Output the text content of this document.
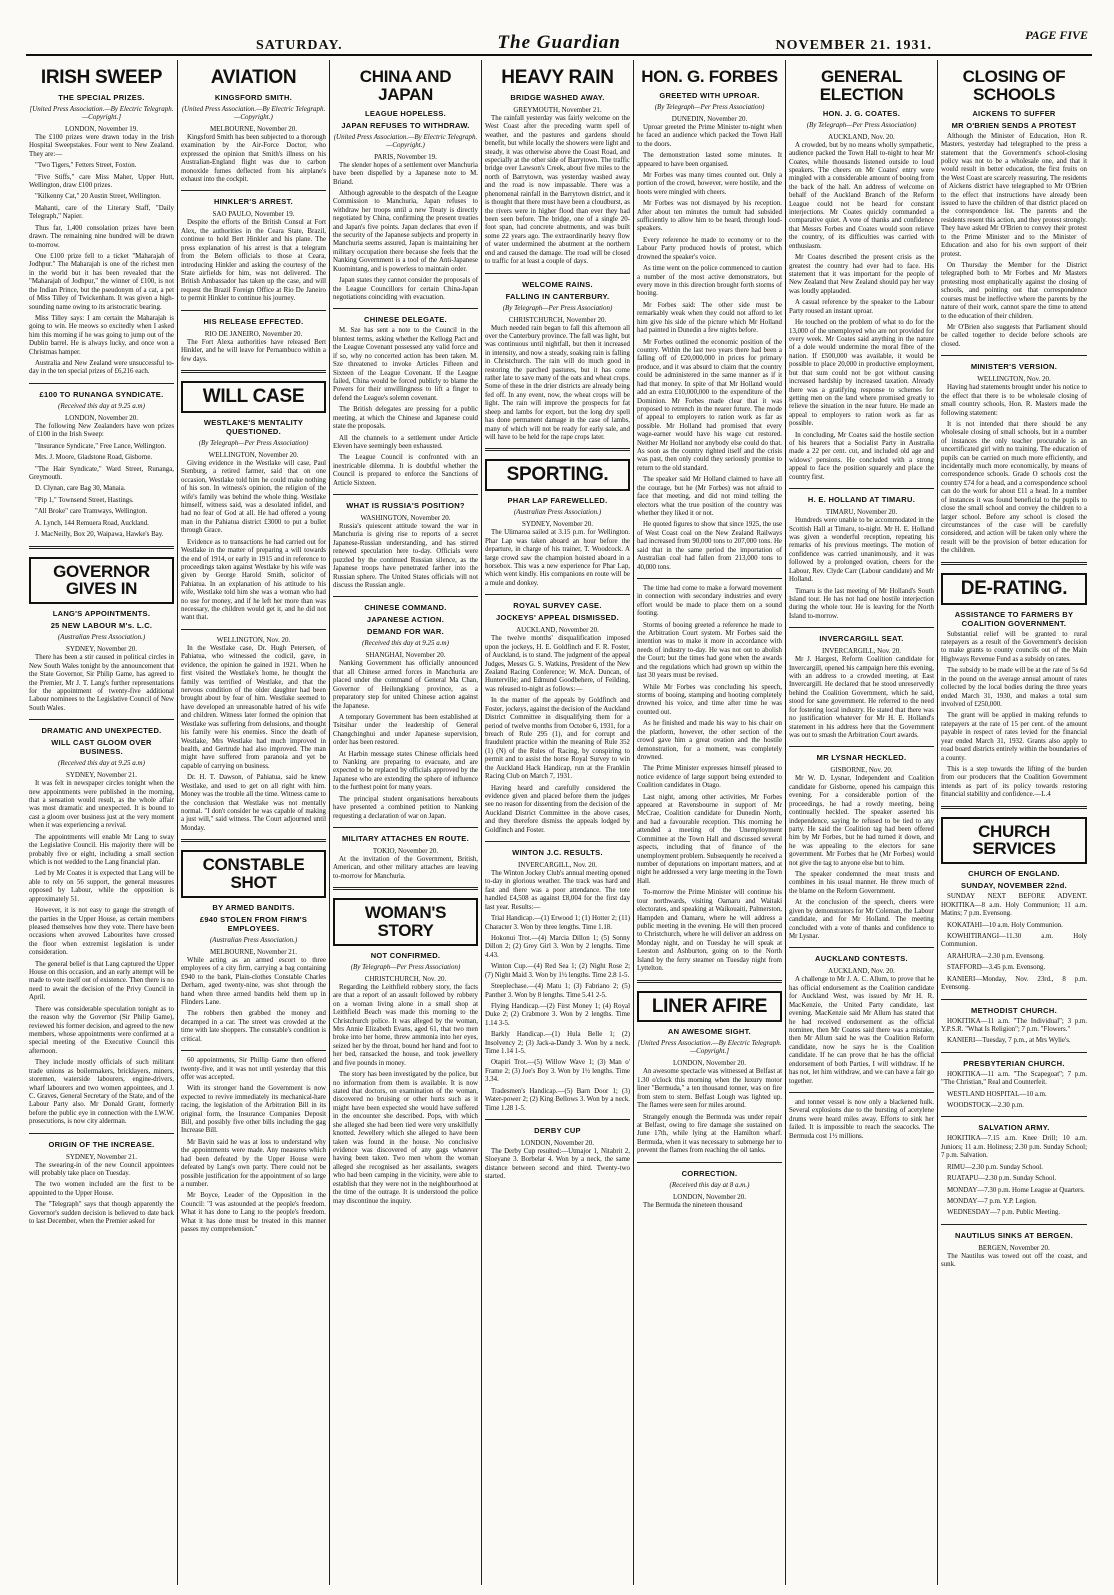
SATURDAY.	The Guardian	NOVEMBER 21. 1931.
PAGE FIVE
IRISH SWEEP
THE SPECIAL PRIZES.
[United Press Association.—By Electric Telegraph.—Copyright.]
LONDON, November 19.

The £100 prizes were drawn today in the Irish Hospital Sweepstakes. Four went to New Zealand. They are:—

"Two Tigers," Fetters Street, Foxton.

"Five Stiffs," care Miss Maher, Upper Hutt, Wellington, draw £100 prizes.

"Kilkenny Cat," 20 Austin Street, Wellington.

Mahanti, care of the Literary Staff, "Daily Telegraph," Napier.

Thus far, 1,400 consolation prizes have been drawn. The remaining nine hundred will be drawn to-morrow.

One £100 prize fell to a ticket "Maharajah of Jodhpur." The Maharajah is one of the richest men in the world but it has been revealed that the "Maharajah of Jodhpur," the winner of £100, is not the Indian Prince, but the pseudonym of a cat, a pet of Miss Tilley of Twickenham. It was given a high-sounding name owing to its aristocratic bearing.

Miss Tilley says: I am certain the Maharajah is going to win. He meows so excitedly when I asked him this morning if he was going to jump out of the Dublin barrel. He is always lucky, and once won a Christmas hamper.

Australia and New Zealand were unsuccessful to-day in the ten special prizes of £6,216 each.

£100 TO RUNANGA SYNDICATE.
(Received this day at 9.25 a.m)
LONDON, November 20.

The following New Zealanders have won prizes of £100 in the Irish Sweep:

"Insurance Syndicate," Free Lance, Wellington.

Mrs. J. Moore, Gladstone Road, Gisborne.

"The Hair Syndicate," Ward Street, Runanga, Greymouth.

D. Clynan, care Bag 30, Manaia.

"Pip 1," Townsend Street, Hastings.

"All Broke" care Tramways, Wellington.

A. Lynch, 144 Remuera Road, Auckland.

J. MacNeilly, Box 20, Waipawa, Hawke's Bay.

GOVERNOR GIVES IN
LANG'S APPOINTMENTS.
25 NEW LABOUR M's. L.C.
(Australian Press Association.)
SYDNEY, November 20.

There has been a stir caused in political circles in New South Wales tonight by the announcement that the State Governor, Sir Philip Game, has agreed to the Premier, Mr J. T. Lang's further representations for the appointment of twenty-five additional Labour nominees to the Legislative Council of New South Wales.

DRAMATIC AND UNEXPECTED.
WILL CAST GLOOM OVER BUSINESS.
(Received this day at 9.25 a.m)
SYDNEY, November 21.

It was felt in newspaper circles tonight when the new appointments were published in the morning, that a sensation would result, as the whole affair was most dramatic and unexpected. It is bound to cast a gloom over business just at the very moment when it was experiencing a revival.

The appointments will enable Mr Lang to sway the Legislative Council. His majority there will be probably five or eight, including a small section which is not wedded to the Lang financial plan.

Led by Mr Coates it is expected that Lang will be able to rely on 56 support, the general measures opposed by Labour, while the opposition is approximately 51.

However, it is not easy to gauge the strength of the parties in the Upper House, as certain members pleased themselves how they vote. There have been occasions when avowed Labourites have crossed the floor when extremist legislation is under consideration.

The general belief is that Lang captured the Upper House on this occasion, and an early attempt will be made to vote itself out of existence. Then there is no need to await the decision of the Privy Council in April.

There was considerable speculation tonight as to the reason why the Governor (Sir Philip Game), reviewed his former decision, and agreed to the new members, whose appointments were confirmed at a special meeting of the Executive Council this afternoon.

They include mostly officials of such militant trade unions as boilermakers, bricklayers, miners, storemen, waterside labourers, engine-drivers, wharf labourers and two women appointees, and J. C. Graves, General Secretary of the State, and of the Labour Party also. Mr Donald Grant, formerly before the public eye in connection with the I.W.W. prosecutions, is now city alderman.

ORIGIN OF THE INCREASE.
SYDNEY, November 21.

The swearing-in of the new Council appointees will probably take place on Tuesday.

The two women included are the first to be appointed to the Upper House.

The "Telegraph" says that though apparently the Governor's sudden decision is believed to date back to last December, when the Premier asked for

AVIATION
KINGSFORD SMITH.
(United Press Association.—By Electric Telegraph.—Copyright.)
MELBOURNE, November 20.

Kingsford Smith has been subjected to a thorough examination by the Air-Force Doctor, who expressed the opinion that Smith's illness on his Australian-England flight was due to carbon monoxide fumes deflected from his airplane's exhaust into the cockpit.

HINKLER'S ARREST.
SAO PAULO, November 19.

Despite the efforts of the British Consul at Fort Alex, the authorities in the Ceara State, Brazil, continue to hold Bert Hinkler and his plane. The press explanation of his arrest is that a telegram from the Belem officials to those at Ceara, introducing Hinkler and asking the courtesy of the State airfields for him, was not delivered. The British Ambassador has taken up the case, and will request the Brazil Foreign Office at Rio De Janeiro to permit Hinkler to continue his journey.

HIS RELEASE EFFECTED.
RIO DE JANEIRO, November 20.

The Fort Alexa authorities have released Bert Hinkler, and he will leave for Pernambuco within a few days.

WILL CASE
WESTLAKE'S MENTALITY QUESTIONED.
(By Telegraph—Per Press Association)
WELLINGTON, November 20.

Giving evidence in the Westlake will case, Paul Stenburg, a retired farmer, said that on one occasion, Westlake told him he could make nothing of his son. In witness's opinion, the religion of the wife's family was behind the whole thing. Westlake himself, witness said, was a desolated infidel, and had no fear of God at all. He had offered a young man in the Pahiatua district £3000 to put a bullet through Grace.

Evidence as to transactions he had carried out for Westlake in the matter of preparing a will towards the end of 1914, or early in 1915 and in reference to proceedings taken against Westlake by his wife was given by George Harold Smith, solicitor of Pahiatua. In an explanation of his attitude to his wife, Westlake told him she was a woman who had no use for money, and if he left her more than was necessary, the children would get it, and he did not want that.

WELLINGTON, Nov. 20.

In the Westlake case, Dr. Hugh Petersen, of Pahiatua, who witnessed the codicil, gave, in evidence, the opinion he gained in 1921. When he first visited the Westlake's home, he thought the family was terrified of Westlake, and that the nervous condition of the older daughter had been brought about by fear of him. Westlake seemed to have developed an unreasonable hatred of his wife and children. Witness later formed the opinion that Westlake was suffering from delusions, and thought his family were his enemies. Since the death of Westlake, Mrs Westlake had much improved in health, and Gertrude had also improved. The man might have suffered from paranoia and yet be capable of carrying on business.

Dr. H. T. Dawson, of Pahiatua, said he knew Westlake, and used to get on all right with him. Money was the trouble all the time. Witness came to the conclusion that Westlake was not mentally normal. "I don't consider he was capable of making a just will," said witness. The Court adjourned until Monday.

CONSTABLE SHOT
BY ARMED BANDITS.
£940 STOLEN FROM FIRM'S EMPLOYEES.
(Australian Press Association.)
MELBOURNE, November 21.

While acting as an armed escort to three employees of a city firm, carrying a bag containing £940 to the bank, Plain-clothes Constable Charles Derham, aged twenty-nine, was shot through the hand when three armed bandits held them up in Flinders Lane.

The robbers then grabbed the money and decamped in a car. The street was crowded at the time with late shoppers. The constable's condition is critical.

60 appointments, Sir Phillip Game then offered twenty-five, and it was not until yesterday that this offer was accepted.

With its stronger hand the Government is now expected to revive immediately its mechanical-hare racing, the legislation of the Arbitration Bill in its original form, the Insurance Companies Deposit Bill, and possibly five other bills including the gag Increase Bill.

Mr Bavin said he was at loss to understand why the appointments were made. Any measures which had been defeated by the Upper House were defeated by Lang's own party. There could not be possible justification for the appointment of so large a number.

Mr Boyce, Leader of the Opposition in the Council: "I was astounded at the people's freedom. What it has done to Lang to the people's freedom. What it has done must be treated in this manner passes my comprehension."

CHINA AND JAPAN
LEAGUE HOPELESS.
JAPAN REFUSES TO WITHDRAW.
(United Press Association.—By Electric Telegraph.—Copyright.)
PARIS, November 19.

The slender hopes of a settlement over Manchuria have been dispelled by a Japanese note to M. Briand.

Although agreeable to the despatch of the League Commission to Manchuria, Japan refuses to withdraw her troops until a new Treaty is directly negotiated by China, confirming the present treaties and Japan's five points. Japan declares that even if the security of the Japanese subjects and property in Manchuria seems assured, Japan is maintaining her military occupation there because she feels that the Nanking Government is a tool of the Anti-Japanese Kuomintang, and is powerless to maintain order.

Japan states they cannot consider the proposals of the League Councillors for certain China-Japan negotiations coinciding with evacuation.

CHINESE DELEGATE.

M. Sze has sent a note to the Council in the bluntest terms, asking whether the Kellogg Pact and the League Covenant possessed any valid force and if so, why no concerted action has been taken. M. Sze threatened to invoke Articles Fifteen and Sixteen of the League Covenant. If the League failed, China would be forced publicly to blame the Powers for their unwillingness to lift a finger to defend the League's solemn covenant.

The British delegates are pressing for a public meeting, at which the Chinese and Japanese could state the proposals.

All the channels to a settlement under Article Eleven have seemingly been exhausted.

The League Council is confronted with an inextricable dilemma. It is doubtful whether the Council is prepared to enforce the Sanctions of Article Sixteen.

WHAT IS RUSSIA'S POSITION?
WASHINGTON, November 20.

Russia's quiescent attitude toward the war in Manchuria is giving rise to reports of a secret Japanese-Russian understanding, and has stirred renewed speculation here to-day. Officials were puzzled by the continued Russian silence, as the Japanese troops have penetrated farther into the Russian sphere. The United States officials will not discuss the Russian angle.

CHINESE COMMAND.
JAPANESE ACTION.
DEMAND FOR WAR.
(Received this day at 9.25 a.m)
SHANGHAI, November 20.

Nanking Government has officially announced that all Chinese armed forces in Manchuria are placed under the command of General Ma Chan, Governor of Heilungkiang province, as a preparatory step for united Chinese action against the Japanese.

A temporary Government has been established at Tsitsihar under the leadership of General Changchinghui and under Japanese supervision, order has been restored.

At Harbin message states Chinese officials heed to Nanking are preparing to evacuate, and are expected to be replaced by officials approved by the Japanese who are extending the sphere of influence to the furthest point for many years.

The principal student organisations hereabouts have presented a combined petition to Nanking requesting a declaration of war on Japan.

MILITARY ATTACHES EN ROUTE.
TOKIO, November 20.

At the invitation of the Government, British, American, and other military attaches are leaving to-morrow for Manchuria.

WOMAN'S STORY
NOT CONFIRMED.
(By Telegraph—Per Press Association)
CHRISTCHURCH, Nov. 20.

Regarding the Leithfield robbery story, the facts are that a report of an assault followed by robbery on a woman living alone in a small shop at Leithfield Beach was made this morning to the Christchurch police. It was alleged by the woman, Mrs Annie Elizabeth Evans, aged 61, that two men broke into her home, threw ammonia into her eyes, seized her by the throat, bound her hand and foot to her bed, ransacked the house, and took jewellery and five pounds in money.

The story has been investigated by the police, but no information from them is available. It is now stated that doctors, on examination of the woman, discovered no bruising or other hurts such as it might have been expected she would have suffered in the encounter she described. Pops, with which she alleged she had been tied were very unskilfully knotted. Jewellery which she alleged to have been taken was found in the house. No conclusive evidence was discovered of any gags whatever having been taken. Two men whom the woman alleged she recognised as her assailants, swagers who had been camping in the vicinity, were able to establish that they were not in the neighbourhood at the time of the outrage. It is understood the police may discontinue the inquiry.

HEAVY RAIN
BRIDGE WASHED AWAY.
GREYMOUTH, November 21.

The rainfall yesterday was fairly welcome on the West Coast after the preceding warm spell of weather, and the pastures and gardens should benefit, but while locally the showers were light and steady, it was otherwise above the Coast Road, and especially at the other side of Barrytown. The traffic bridge over Lawson's Creek, about five miles to the north of Barrytown, was yesterday washed away and the road is now impassable. There was a phenomenal rainfall in the Barrytown district, and it is thought that there must have been a cloudburst, as the rivers were in higher flood than ever they had been seen before. The bridge, one of a single 20-foot span, had concrete abutments, and was built some 22 years ago. The extraordinarily heavy flow of water undermined the abutment at the northern end and caused the damage. The road will be closed to traffic for at least a couple of days.

WELCOME RAINS.
FALLING IN CANTERBURY.
(By Telegraph—Per Press Association)
CHRISTCHURCH, November 20.

Much needed rain began to fall this afternoon all over the Canterbury province. The fall was light, but was continuous until nightfall, but then it increased in intensity, and now a steady, soaking rain is falling in Christchurch. The rain will do much good in restoring the parched pastures, but it has come rather late to save many of the oats and wheat crops. Some of these in the drier districts are already being fed off. In any event, now, the wheat crops will be light. The rain will improve the prospects for fat sheep and lambs for export, but the long dry spell has done permanent damage in the case of lambs, many of which will not be ready for early sale, and will have to be held for the rape crops later.

SPORTING.
PHAR LAP FAREWELLED.
(Australian Press Association.)
SYDNEY, November 20.

The Ulimaroa sailed at 3.15 p.m. for Wellington. Phar Lap was taken aboard an hour before the departure, in charge of his trainer, T. Woodcock. A large crowd saw the champion hoisted aboard in a horsebox. This was a new experience for Phar Lap, which went kindly. His companions en route will be a mule and donkey.

ROYAL SURVEY CASE.
JOCKEYS' APPEAL DISMISSED.
AUCKLAND, November 20.

The twelve months' disqualification imposed upon the jockeys, H. E. Goldfinch and F. R. Foster, of Auckland, is to stand. The judgment of the appeal Judges, Messrs G. S. Watkins, President of the New Zealand Racing Conference; W. McA. Duncan, of Hunterville; and Edmund Goodbehere, of Feilding, was released to-night as follows:—

In the matter of the appeals by Goldfinch and Foster, jockeys, against the decision of the Auckland District Committee in disqualifying them for a period of twelve months from October 6, 1931, for a breach of Rule 295 (1), and for corrupt and fraudulent practice within the meaning of Rule 352 (1) (N) of the Rules of Racing, by conspiring to permit and to assist the horse Royal Survey to win the Auckland Hack Handicap, run at the Franklin Racing Club on March 7, 1931.

Having heard and carefully considered the evidence given and placed before them the judges see no reason for dissenting from the decision of the Auckland District Committee in the above cases, and they therefore dismiss the appeals lodged by Goldfinch and Foster.

WINTON J.C. RESULTS.
INVERCARGILL, Nov. 20.

The Winton Jockey Club's annual meeting opened to-day in glorious weather. The track was hard and fast and there was a poor attendance. The tote handled £4,508 as against £8,004 for the first day last year. Results:—

Trial Handicap.—(1) Erwood 1; (1) Hotter 2; (11) Character 3. Won by three lengths. Time 1.18.

Hokonui Trot.—(4) Marcia Dillon 1; (5) Sonny Dillon 2; (2) Grey Girl 3. Won by 2 lengths. Time 4.43.

Winton Cup.—(4) Red Sea 1; (2) Night Rose 2; (7) Night Maid 3. Won by 1½ lengths. Time 2.8 1-5.

Steeplechase.—(4) Matu 1; (3) Fabriano 2; (5) Panther 3. Won by 8 lengths. Time 5.41 2-5.

Flying Handicap.—(2) First Money 1; (4) Royal Duke 2; (2) Crabmore 3. Won by 2 lengths. Time 1.14 3-5.

Barkly Handicap.—(1) Hula Belle 1; (2) Insolvency 2; (3) Jack-a-Dandy 3. Won by a neck. Time 1.14 1-5.

Otapiri Trot.—(5) Willow Wave 1; (3) Man o' Frame 2; (3) Joe's Boy 3. Won by 1½ lengths. Time 3.34.

Tradesmen's Handicap.—(5) Barn Door 1; (3) Water-power 2; (2) King Bellows 3. Won by a neck. Time 1.28 1-5.

DERBY CUP
LONDON, November 20.

The Derby Cup resulted:—Utmajor 1, Nitabrit 2, Sloeyane 3. Borbelar 4. Won by a neck, the same distance between second and third. Twenty-two started.

HON. G. FORBES
GREETED WITH UPROAR.
(By Telegraph—Per Press Association)
DUNEDIN, November 20.

Uproar greeted the Prime Minister to-night when he faced an audience which packed the Town Hall to the doors.

The demonstration lasted some minutes. It appeared to have been organised.

Mr Forbes was many times counted out. Only a portion of the crowd, however, were hostile, and the hoots were mingled with cheers.

Mr Forbes was not dismayed by his reception. After about ten minutes the tumult had subsided sufficiently to allow him to be heard, through loud-speakers.

Every reference he made to economy or to the Labour Party produced howls of protest, which drowned the speaker's voice.

As time went on the police commenced to caution a number of the most active demonstrators, but every move in this direction brought forth storms of booing.

Mr Forbes said: The other side must be remarkably weak when they could not afford to let him give his side of the picture which Mr Holland had painted in Dunedin a few nights before.

Mr Forbes outlined the economic position of the country. Within the last two years there had been a falling off of £20,000,000 in prices for primary produce, and it was absurd to claim that the country could be administered in the same manner as if it had that money. In spite of that Mr Holland would add an extra £10,000,000 to the expenditure of the Dominion. Mr Forbes made clear that it was proposed to retrench in the nearer future. The mode of appeal to employers to ration work as far as possible. Mr Holland had promised that every wage-earner would have his wage cut restored. Neither Mr Holland nor anybody else could do that. As soon as the country righted itself and the crisis was past, then only could they seriously promise to return to the old standard.

The speaker said Mr Holland claimed to have all the courage, but he (Mr Forbes) was not afraid to face that meeting, and did not mind telling the electors what the true position of the country was whether they liked it or not.

He quoted figures to show that since 1925, the use of West Coast coal on the New Zealand Railways had increased from 90,000 tons to 207,000 tons. He said that in the same period the importation of Australian coal had fallen from 213,000 tons to 40,000 tons.

The time had come to make a forward movement in connection with secondary industries and every effort would be made to place them on a sound footing.

Storms of booing greeted a reference he made to the Arbitration Court system. Mr Forbes said the intention was to make it more in accordance with needs of industry to-day. He was not out to abolish the Court; but the times had gone when the awards and the regulations which had grown up within the last 30 years must be revised.

While Mr Forbes was concluding his speech, storms of booing, stamping and hooting completely drowned his voice, and time after time he was counted out.

As he finished and made his way to his chair on the platform, however, the other section of the crowd gave him a great ovation and the hostile demonstration, for a moment, was completely drowned.

The Prime Minister expresses himself pleased to notice evidence of large support being extended to Coalition candidates in Otago.

Last night, among other activities, Mr Forbes appeared at Ravensbourne in support of Mr McCrae, Coalition candidate for Dunedin North, and had a favourable reception. This morning he attended a meeting of the Unemployment Committee at the Town Hall and discussed several aspects, including that of finance of the unemployment problem. Subsequently he received a number of deputations on important matters, and at night he addressed a very large meeting in the Town Hall.

To-morrow the Prime Minister will continue his tour northwards, visiting Oamaru and Waitaki electorates, and speaking at Waikouaiti, Palmerston, Hampden and Oamaru, where he will address a public meeting in the evening. He will then proceed to Christchurch, where he will deliver an address on Monday night, and on Tuesday he will speak at Leeston and Ashburton, going on to the North Island by the ferry steamer on Tuesday night from Lyttelton.

LINER AFIRE
AN AWESOME SIGHT.
[United Press Association.—By Electric Telegraph.—Copyright.]
LONDON, November 20.

An awesome spectacle was witnessed at Belfast at 1.30 o'clock this morning when the luxury motor liner "Bermuda," a ten thousand tonner, was on fire from stem to stern. Belfast Lough was lighted up. The flames were seen for miles around.

Strangely enough the Bermuda was under repair at Belfast, owing to fire damage she sustained on June 17th, while lying at the Hamilton wharf. Bermuda, when it was necessary to submerge her to prevent the flames from reaching the oil tanks.

CORRECTION.
(Received this day at 8 a.m.)
LONDON, November 20.

The Bermuda the nineteen thousand

GENERAL ELECTION
HON. J. G. COATES.
(By Telegraph—Per Press Association)
AUCKLAND, Nov. 20.

A crowded, but by no means wholly sympathetic, audience packed the Town Hall to-night to hear Mr Coates, while thousands listened outside to loud speakers. The cheers on Mr Coates' entry were mingled with a considerable amount of booing from the back of the hall. An address of welcome on behalf of the Auckland Branch of the Reform League could not be heard for constant interjections. Mr Coates quickly commanded a comparative quiet. A vote of thanks and confidence that Messrs Forbes and Coates would soon relieve the country, of its difficulties was carried with enthusiasm.

Mr Coates described the present crisis as the greatest the country had ever had to face. His statement that it was important for the people of New Zealand that New Zealand should pay her way was loudly applauded.

A casual reference by the speaker to the Labour Party roused an instant uproar.

He touched on the problem of what to do for the 13,000 of the unemployed who are not provided for every week. Mr Coates said anything in the nature of a dole would undermine the moral fibre of the nation. If £500,000 was available, it would be possible to place 20,000 in productive employment, but that sum could not be got without causing increased hardship by increased taxation. Already there was a gratifying response to schemes for getting men on the land where promised greatly to relieve the situation in the near future. He made an appeal to employers to ration work as far as possible.

In concluding, Mr Coates said the hostile section of his hearers that a Socialist Party in Australia made a 22 per cent. cut, and included old age and widows' pensions. He concluded with a strong appeal to face the position squarely and place the country first.

H. E. HOLLAND AT TIMARU.
TIMARU, November 20.

Hundreds were unable to be accommodated in the Scottish Hall at Timaru, to-night. Mr H. E. Holland was given a wonderful reception, repeating his remarks of his previous meetings. The motion of confidence was carried unanimously, and it was followed by a prolonged ovation, cheers for the Labour, Rev. Clyde Carr (Labour candidate) and Mr Holland.

Timaru is the last meeting of Mr Holland's South Island tour. He has not had one hostile interjection during the whole tour. He is leaving for the North Island to-morrow.

INVERCARGILL SEAT.
INVERCARGILL, Nov. 20.

Mr J. Hargest, Reform Coalition candidate for Invercargill, opened his campaign here this evening, with an address to a crowded meeting, at East Invercargill. He declared that he stood unreservedly behind the Coalition Government, which he said, stood for sane government. He referred to the need for fostering local industry. He stated that there was no justification whatever for Mr H. E. Holland's statement in his address here that the Government was out to smash the Arbitration Court awards.

MR LYSNAR HECKLED.
GISBORNE, Nov. 20.

Mr W. D. Lysnar, Independent and Coalition candidate for Gisborne, opened his campaign this evening. For a considerable portion of the proceedings, he had a rowdy meeting, being continually heckled. The speaker asserted his independence, saying he refused to be tied to any party. He said the Coalition tag had been offered him by Mr Forbes, but he had turned it down, and he was appealing to the electors for sane government. Mr Forbes that he (Mr Forbes) would not give the tag to anyone else but to him.

The speaker condemned the meat trusts and combines in his usual manner. He threw much of the blame on the Reform Government.

At the conclusion of the speech, cheers were given by demonstrators for Mr Coleman, the Labour candidate, and for Mr Holland. The meeting concluded with a vote of thanks and confidence to Mr Lysnar.

AUCKLAND CONTESTS.
AUCKLAND, Nov. 20.

A challenge to Mr J. A. C. Allum, to prove that he has official endorsement as the Coalition candidate for Auckland West, was issued by Mr H. R. MacKenzie, the United Party candidate, last evening. MacKenzie said Mr Allum has stated that he had received endorsement as the official nominee, then Mr Coates said there was a mistake, then Mr Allum said he was the Coalition Reform candidate, now he says he is the Coalition candidate. If he can prove that he has the official endorsement of both Parties, I will withdraw. If he has not, let him withdraw, and we can have a fair go together.

and tonner vessel is now only a blackened hulk. Several explosions due to the bursting of acetylene drums were heard miles away. Efforts to sink her failed. It is impossible to reach the seacocks. The Bermuda cost 1½ millions.

CLOSING OF SCHOOLS
AICKENS TO SUFFER
MR O'BRIEN SENDS A PROTEST

Although the Minister of Education, Hon R. Masters, yesterday had telegraphed to the press a statement that the Government's school-closing policy was not to be a wholesale one, and that it would result in better education, the first fruits on the West Coast are scarcely reassuring. The residents of Aickens district have telegraphed to Mr O'Brien to the effect that instructions have already been issued to have the children of that district placed on the correspondence list. The parents and the residents resent this action, and they protest strongly. They have asked Mr O'Brien to convey their protest to the Prime Minister and to the Minister of Education and also for his own support of their protest.

On Thursday the Member for the District telegraphed both to Mr Forbes and Mr Masters protesting most emphatically against the closing of schools, and pointing out that correspondence courses must be ineffective where the parents by the nature of their work, cannot spare the time to attend to the education of their children.

Mr O'Brien also suggests that Parliament should be called together to decide before schools are closed.

MINISTER'S VERSION.
WELLINGTON, Nov. 20.

Having had statements brought under his notice to the effect that there is to be wholesale closing of small country schools, Hon. R. Masters made the following statement:

It is not intended that there should be any wholesale closing of small schools, but in a number of instances the only teacher procurable is an uncertificated girl with no training. The education of pupils can be carried on much more efficiently, and incidentally much more economically, by means of correspondence schools. Grade O schools cost the country £74 for a head, and a correspondence school can do the work for about £11 a head. In a number of instances it was found beneficial to the pupils to close the small school and convey the children to a larger school. Before any school is closed the circumstances of the case will be carefully considered, and action will be taken only where the result will be the provision of better education for the children.

DE-RATING.
ASSISTANCE TO FARMERS BY COALITION GOVERNMENT.

Substantial relief will be granted to rural ratepayers as a result of the Government's decision to make grants to county councils out of the Main Highways Revenue Fund as a subsidy on rates.

The subsidy to be made will be at the rate of 5s 6d in the pound on the average annual amount of rates collected by the local bodies during the three years ended March 31, 1930, and makes a total sum involved of £250,000.

The grant will be applied in making refunds to ratepayers at the rate of 15 per cent. of the amount payable in respect of rates levied for the financial year ended March 31, 1932. Grants also apply to road board districts entirely within the boundaries of a county.

This is a step towards the lifting of the burden from our producers that the Coalition Government intends as part of its policy towards restoring financial stability and confidence.—L.4

CHURCH SERVICES
CHURCH OF ENGLAND.
SUNDAY, NOVEMBER 22nd.

SUNDAY NEXT BEFORE ADVENT. HOKITIKA—8 a.m. Holy Communion; 11 a.m. Matins; 7 p.m. Evensong.

KOKATAHI—10 a.m. Holy Communion.

KOWHITIRANGI—11.30 a.m. Holy Communion.

ARAHURA—2.30 p.m. Evensong.

STAFFORD—3.45 p.m. Evensong.

KANIERI—Monday, Nov. 23rd., 8 p.m. Evensong.

METHODIST CHURCH.

HOKITIKA—11 a.m. "The Individual"; 3 p.m. Y.P.S.R. "What Is Religion"; 7 p.m. "Flowers."

KANIERI—Tuesday, 7 p.m., at Mrs Wylie's.

PRESBYTERIAN CHURCH.

HOKITIKA—11 a.m. "The Scapegoat"; 7 p.m. "The Christian," Real and Counterfeit.

WESTLAND HOSPITAL—10 a.m.

WOODSTOCK—2.30 p.m.

SALVATION ARMY.

HOKITIKA—7.15 a.m. Knee Drill; 10 a.m. Juniors; 11 a.m. Holiness; 2.30 p.m. Sunday School; 7 p.m. Salvation.

RIMU—2.30 p.m. Sunday School.

RUATAPU—2.30 p.m. Sunday School.

MONDAY—7.30 p.m. Home League at Quarters.

MONDAY—7 p.m. Y.P. Legion.

WEDNESDAY—7 p.m. Public Meeting.

NAUTILUS SINKS AT BERGEN.
BERGEN, November 20.

The Nautilus was towed out off the coast, and sunk.
